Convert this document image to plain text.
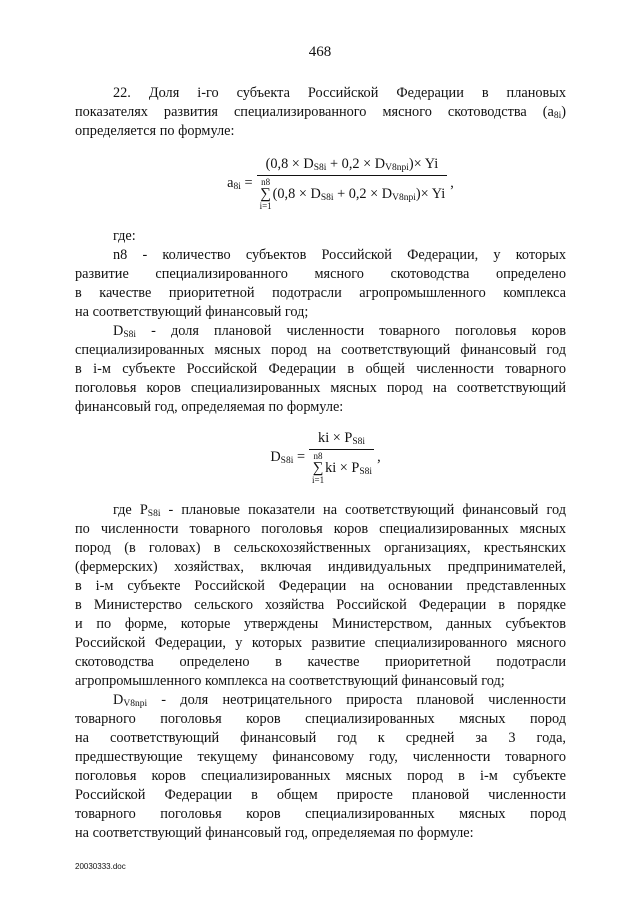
468

22. Доля i-го субъекта Российской Федерации в плановых

показателях развития специализированного мясного скотоводства $(a_{8i})$

определяется по формуле:

$a_{8i} = (0,8 \times D_{S8i} + 0,2 \times D_{V8npi})\times Yi$
n8
∑
$i=1(0,8 \times D_{S8i} + 0,2 \times D_{V8npi})\times Yi$ ,

где:

n8 - количество субъектов Российской Федерации, у которых

развитие специализированного мясного скотоводства определено

в качестве приоритетной подотрасли агропромышленного комплекса

на соответствующий финансовый год;

$D_{S8i}$ - доля плановой численности товарного поголовья коров

специализированных мясных пород на соответствующий финансовый год

в i-м субъекте Российской Федерации в общей численности товарного

поголовья коров специализированных мясных пород на соответствующий

финансовый год, определяемая по формуле:

$D_{S8i}$ = ki × $P_{S8i}$
n8
∑
$i=1ki \times P_{S8i}$ ,

где $P_{S8i}$ - плановые показатели на соответствующий финансовый год

по численности товарного поголовья коров специализированных мясных

пород (в головах) в сельскохозяйственных организациях, крестьянских

(фермерских) хозяйствах, включая индивидуальных предпринимателей,

в i-м субъекте Российской Федерации на основании представленных

в Министерство сельского хозяйства Российской Федерации в порядке

и по форме, которые утверждены Министерством, данных субъектов

Российской Федерации, у которых развитие специализированного мясного

скотоводства определено в качестве приоритетной подотрасли

агропромышленного комплекса на соответствующий финансовый год;

$D_{V8npi}$ - доля неотрицательного прироста плановой численности

товарного поголовья коров специализированных мясных пород

на соответствующий финансовый год к средней за 3 года,

предшествующие текущему финансовому году, численности товарного

поголовья коров специализированных мясных пород в i-м субъекте

Российской Федерации в общем приросте плановой численности

товарного поголовья коров специализированных мясных пород

на соответствующий финансовый год, определяемая по формуле:

20030333.doc
